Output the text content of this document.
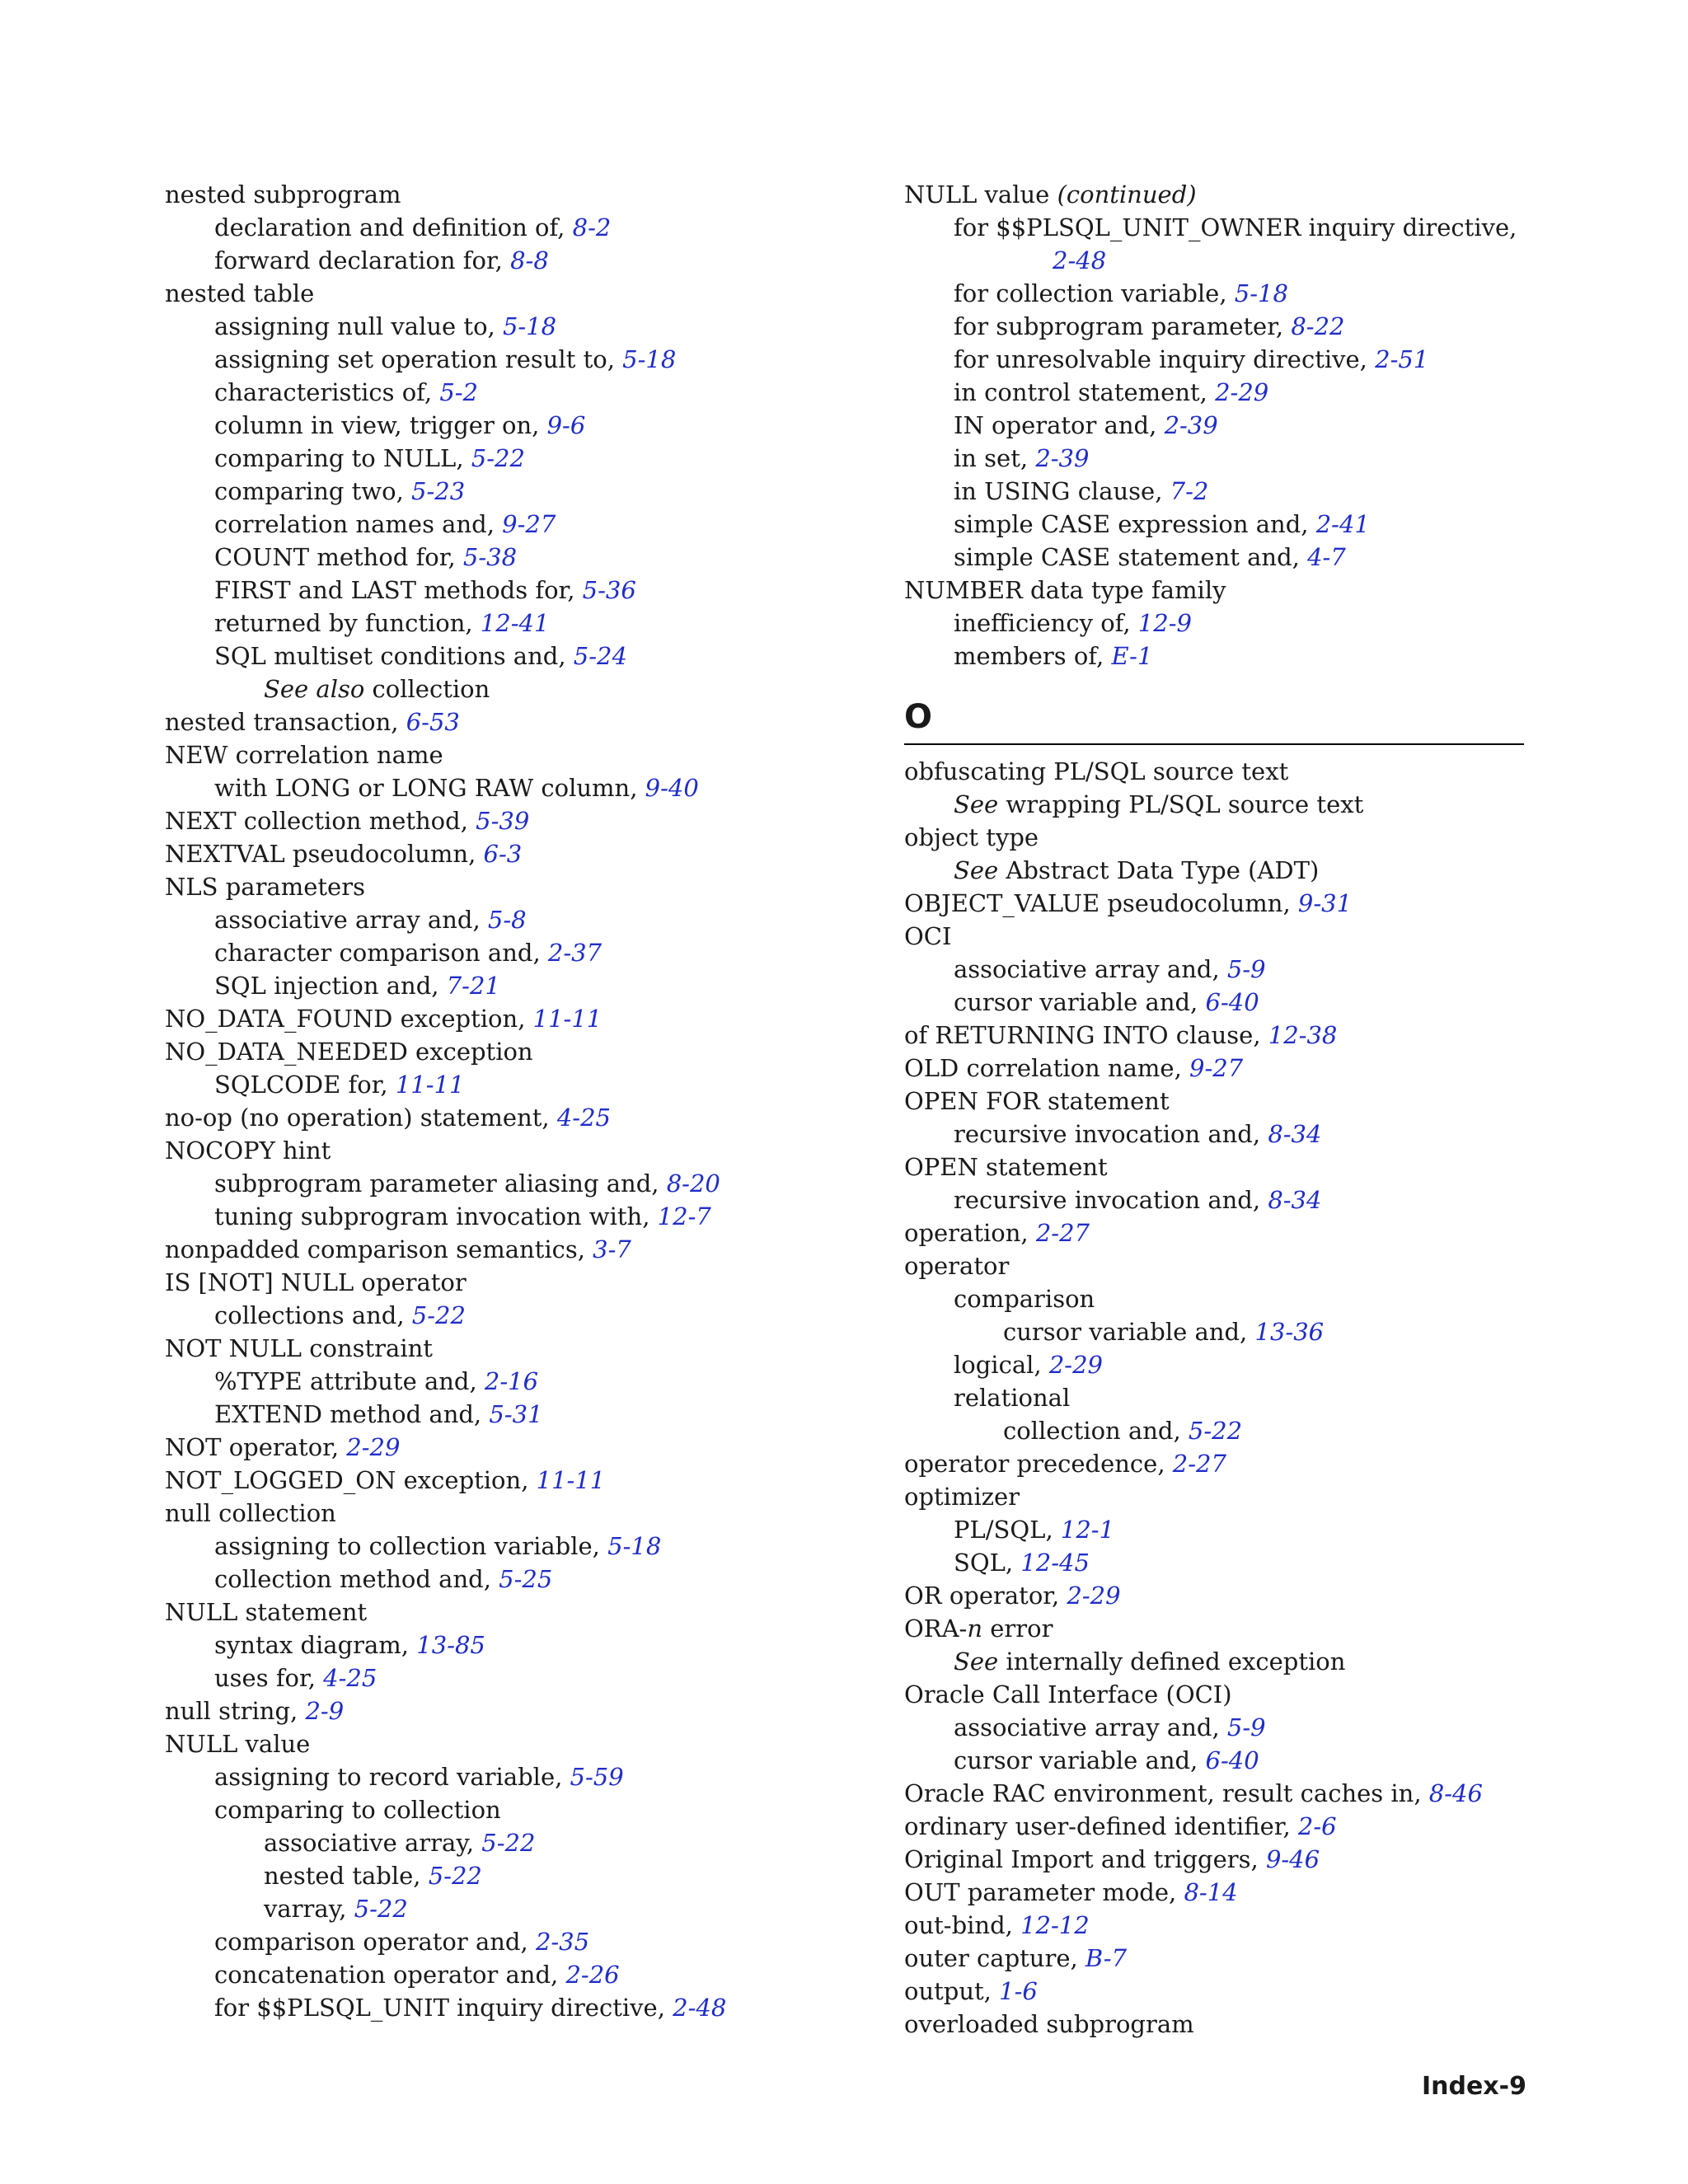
nested subprogram
declaration and definition of, 8-2
forward declaration for, 8-8
nested table
assigning null value to, 5-18
assigning set operation result to, 5-18
characteristics of, 5-2
column in view, trigger on, 9-6
comparing to NULL, 5-22
comparing two, 5-23
correlation names and, 9-27
COUNT method for, 5-38
FIRST and LAST methods for, 5-36
returned by function, 12-41
SQL multiset conditions and, 5-24
See also collection
nested transaction, 6-53
NEW correlation name
with LONG or LONG RAW column, 9-40
NEXT collection method, 5-39
NEXTVAL pseudocolumn, 6-3
NLS parameters
associative array and, 5-8
character comparison and, 2-37
SQL injection and, 7-21
NO_DATA_FOUND exception, 11-11
NO_DATA_NEEDED exception
SQLCODE for, 11-11
no-op (no operation) statement, 4-25
NOCOPY hint
subprogram parameter aliasing and, 8-20
tuning subprogram invocation with, 12-7
nonpadded comparison semantics, 3-7
IS [NOT] NULL operator
collections and, 5-22
NOT NULL constraint
%TYPE attribute and, 2-16
EXTEND method and, 5-31
NOT operator, 2-29
NOT_LOGGED_ON exception, 11-11
null collection
assigning to collection variable, 5-18
collection method and, 5-25
NULL statement
syntax diagram, 13-85
uses for, 4-25
null string, 2-9
NULL value
assigning to record variable, 5-59
comparing to collection
associative array, 5-22
nested table, 5-22
varray, 5-22
comparison operator and, 2-35
concatenation operator and, 2-26
for $$PLSQL_UNIT inquiry directive, 2-48
NULL value (continued)
for $$PLSQL_UNIT_OWNER inquiry directive,
2-48
for collection variable, 5-18
for subprogram parameter, 8-22
for unresolvable inquiry directive, 2-51
in control statement, 2-29
IN operator and, 2-39
in set, 2-39
in USING clause, 7-2
simple CASE expression and, 2-41
simple CASE statement and, 4-7
NUMBER data type family
inefficiency of, 12-9
members of, E-1
O
obfuscating PL/SQL source text
See wrapping PL/SQL source text
object type
See Abstract Data Type (ADT)
OBJECT_VALUE pseudocolumn, 9-31
OCI
associative array and, 5-9
cursor variable and, 6-40
of RETURNING INTO clause, 12-38
OLD correlation name, 9-27
OPEN FOR statement
recursive invocation and, 8-34
OPEN statement
recursive invocation and, 8-34
operation, 2-27
operator
comparison
cursor variable and, 13-36
logical, 2-29
relational
collection and, 5-22
operator precedence, 2-27
optimizer
PL/SQL, 12-1
SQL, 12-45
OR operator, 2-29
ORA-n error
See internally defined exception
Oracle Call Interface (OCI)
associative array and, 5-9
cursor variable and, 6-40
Oracle RAC environment, result caches in, 8-46
ordinary user-defined identifier, 2-6
Original Import and triggers, 9-46
OUT parameter mode, 8-14
out-bind, 12-12
outer capture, B-7
output, 1-6
overloaded subprogram
Index-9
